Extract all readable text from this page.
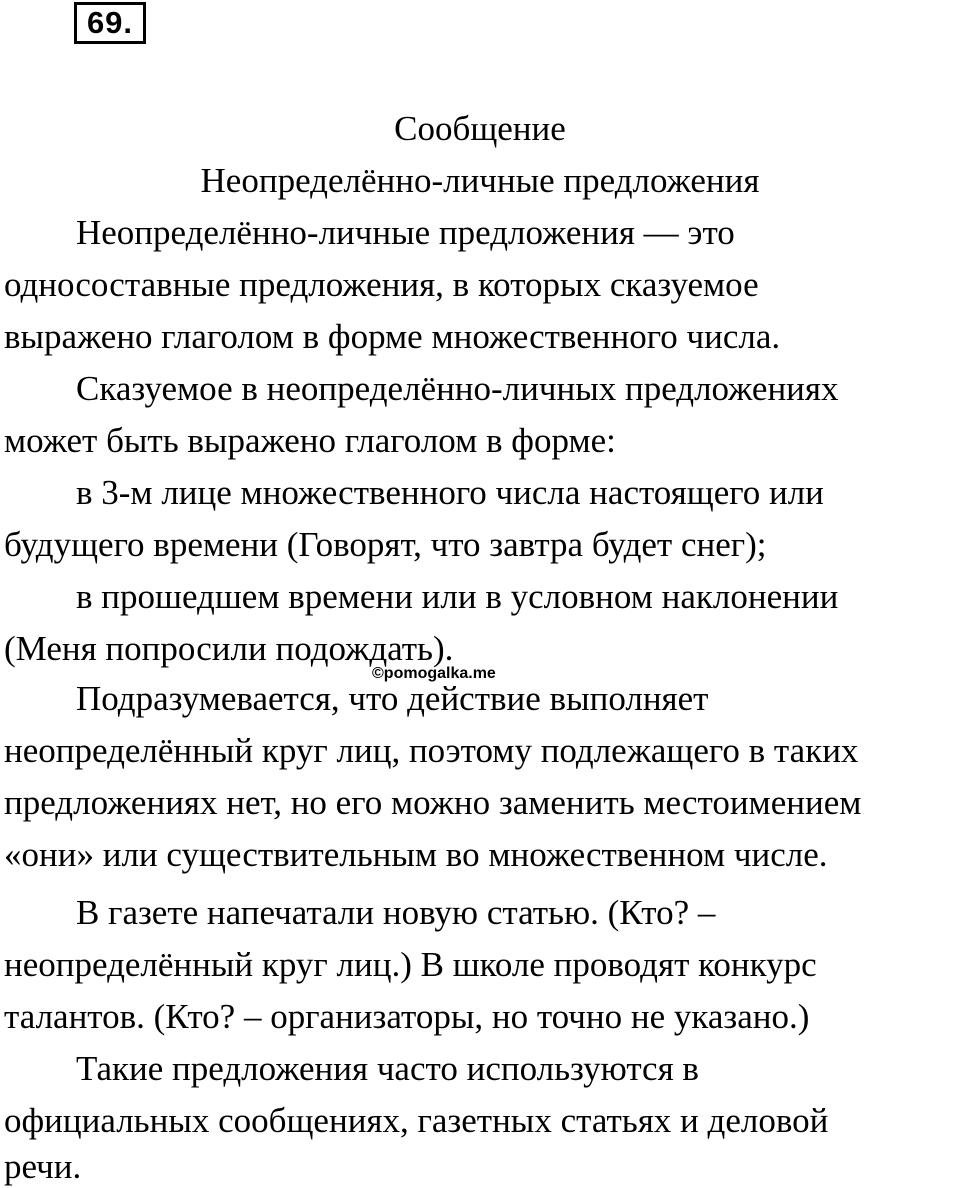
69.
Сообщение
Неопределённо-личные предложения
Неопределённо-личные предложения — это
односоставные предложения, в которых сказуемое
выражено глаголом в форме множественного числа.
Сказуемое в неопределённо-личных предложениях
может быть выражено глаголом в форме:
в 3-м лице множественного числа настоящего или
будущего времени (Говорят, что завтра будет снег);
в прошедшем времени или в условном наклонении
(Меня попросили подождать).
©pomogalka.me
Подразумевается, что действие выполняет
неопределённый круг лиц, поэтому подлежащего в таких
предложениях нет, но его можно заменить местоимением
«они» или существительным во множественном числе.
В газете напечатали новую статью. (Кто? –
неопределённый круг лиц.) В школе проводят конкурс
талантов. (Кто? – организаторы, но точно не указано.)
Такие предложения часто используются в
официальных сообщениях, газетных статьях и деловой
речи.
